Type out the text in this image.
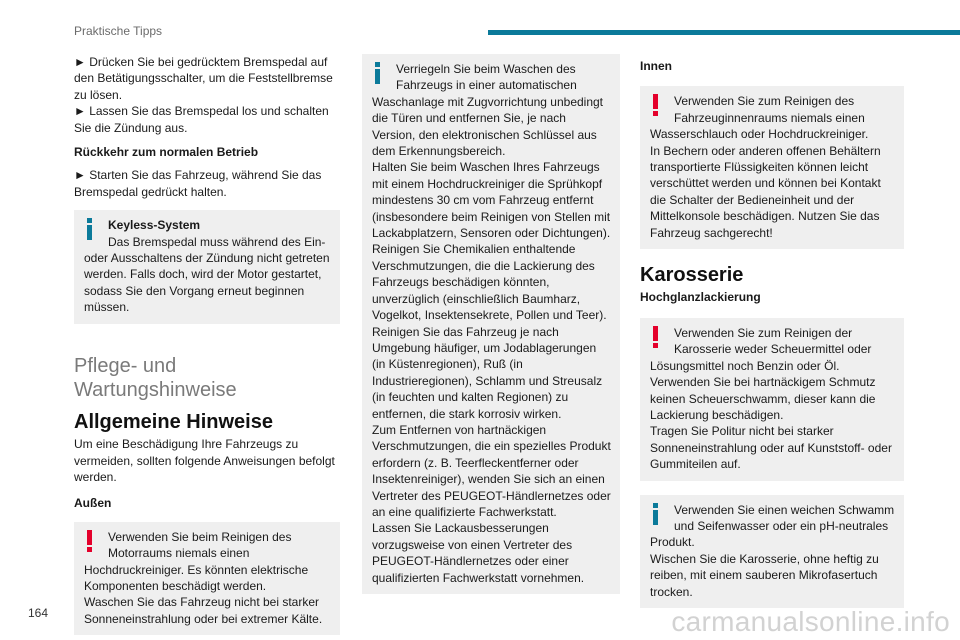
Praktische Tipps

► Drücken Sie bei gedrücktem Bremspedal auf den Betätigungsschalter, um die Feststellbremse zu lösen.

► Lassen Sie das Bremspedal los und schalten Sie die Zündung aus.

Rückkehr zum normalen Betrieb

► Starten Sie das Fahrzeug, während Sie das Bremspedal gedrückt halten.

Keyless-System
Das Bremspedal muss während des Ein- oder Ausschaltens der Zündung nicht getreten werden. Falls doch, wird der Motor gestartet, sodass Sie den Vorgang erneut beginnen müssen.
Pflege- und Wartungshinweise
Allgemeine Hinweise

Um eine Beschädigung Ihre Fahrzeugs zu vermeiden, sollten folgende Anweisungen befolgt werden.

Außen
Verwenden Sie beim Reinigen des
Motorraums niemals einen Hochdruckreiniger. Es könnten elektrische Komponenten beschädigt werden.
Waschen Sie das Fahrzeug nicht bei starker Sonneneinstrahlung oder bei extremer Kälte.
Verriegeln Sie beim Waschen des
Fahrzeugs in einer automatischen Waschanlage mit Zugvorrichtung unbedingt die Türen und entfernen Sie, je nach Version, den elektronischen Schlüssel aus dem Erkennungsbereich.
Halten Sie beim Waschen Ihres Fahrzeugs mit einem Hochdruckreiniger die Sprühkopf mindestens 30 cm vom Fahrzeug entfernt (insbesondere beim Reinigen von Stellen mit Lackabplatzern, Sensoren oder Dichtungen).
Reinigen Sie Chemikalien enthaltende Verschmutzungen, die die Lackierung des Fahrzeugs beschädigen könnten, unverzüglich (einschließlich Baumharz, Vogelkot, Insektensekrete, Pollen und Teer).
Reinigen Sie das Fahrzeug je nach Umgebung häufiger, um Jodablagerungen (in Küstenregionen), Ruß (in Industrieregionen), Schlamm und Streusalz (in feuchten und kalten Regionen) zu entfernen, die stark korrosiv wirken.
Zum Entfernen von hartnäckigen Verschmutzungen, die ein spezielles Produkt erfordern (z. B. Teerfleckentferner oder Insektenreiniger), wenden Sie sich an einen Vertreter des PEUGEOT-Händlernetzes oder an eine qualifizierte Fachwerkstatt.
Lassen Sie Lackausbesserungen vorzugsweise von einen Vertreter des PEUGEOT-Händlernetzes oder einer qualifizierten Fachwerkstatt vornehmen.
Innen
Verwenden Sie zum Reinigen des
Fahrzeuginnenraums niemals einen Wasserschlauch oder Hochdruckreiniger.
In Bechern oder anderen offenen Behältern transportierte Flüssigkeiten können leicht verschüttet werden und können bei Kontakt die Schalter der Bedieneinheit und der Mittelkonsole beschädigen. Nutzen Sie das Fahrzeug sachgerecht!
Karosserie
Hochglanzlackierung
Verwenden Sie zum Reinigen der
Karosserie weder Scheuermittel oder Lösungsmittel noch Benzin oder Öl.
Verwenden Sie bei hartnäckigem Schmutz keinen Scheuerschwamm, dieser kann die Lackierung beschädigen.
Tragen Sie Politur nicht bei starker Sonneneinstrahlung oder auf Kunststoff- oder Gummiteilen auf.
Verwenden Sie einen weichen Schwamm
und Seifenwasser oder ein pH-neutrales Produkt.
Wischen Sie die Karosserie, ohne heftig zu reiben, mit einem sauberen Mikrofasertuch trocken.
164	carmanualsonline.info
